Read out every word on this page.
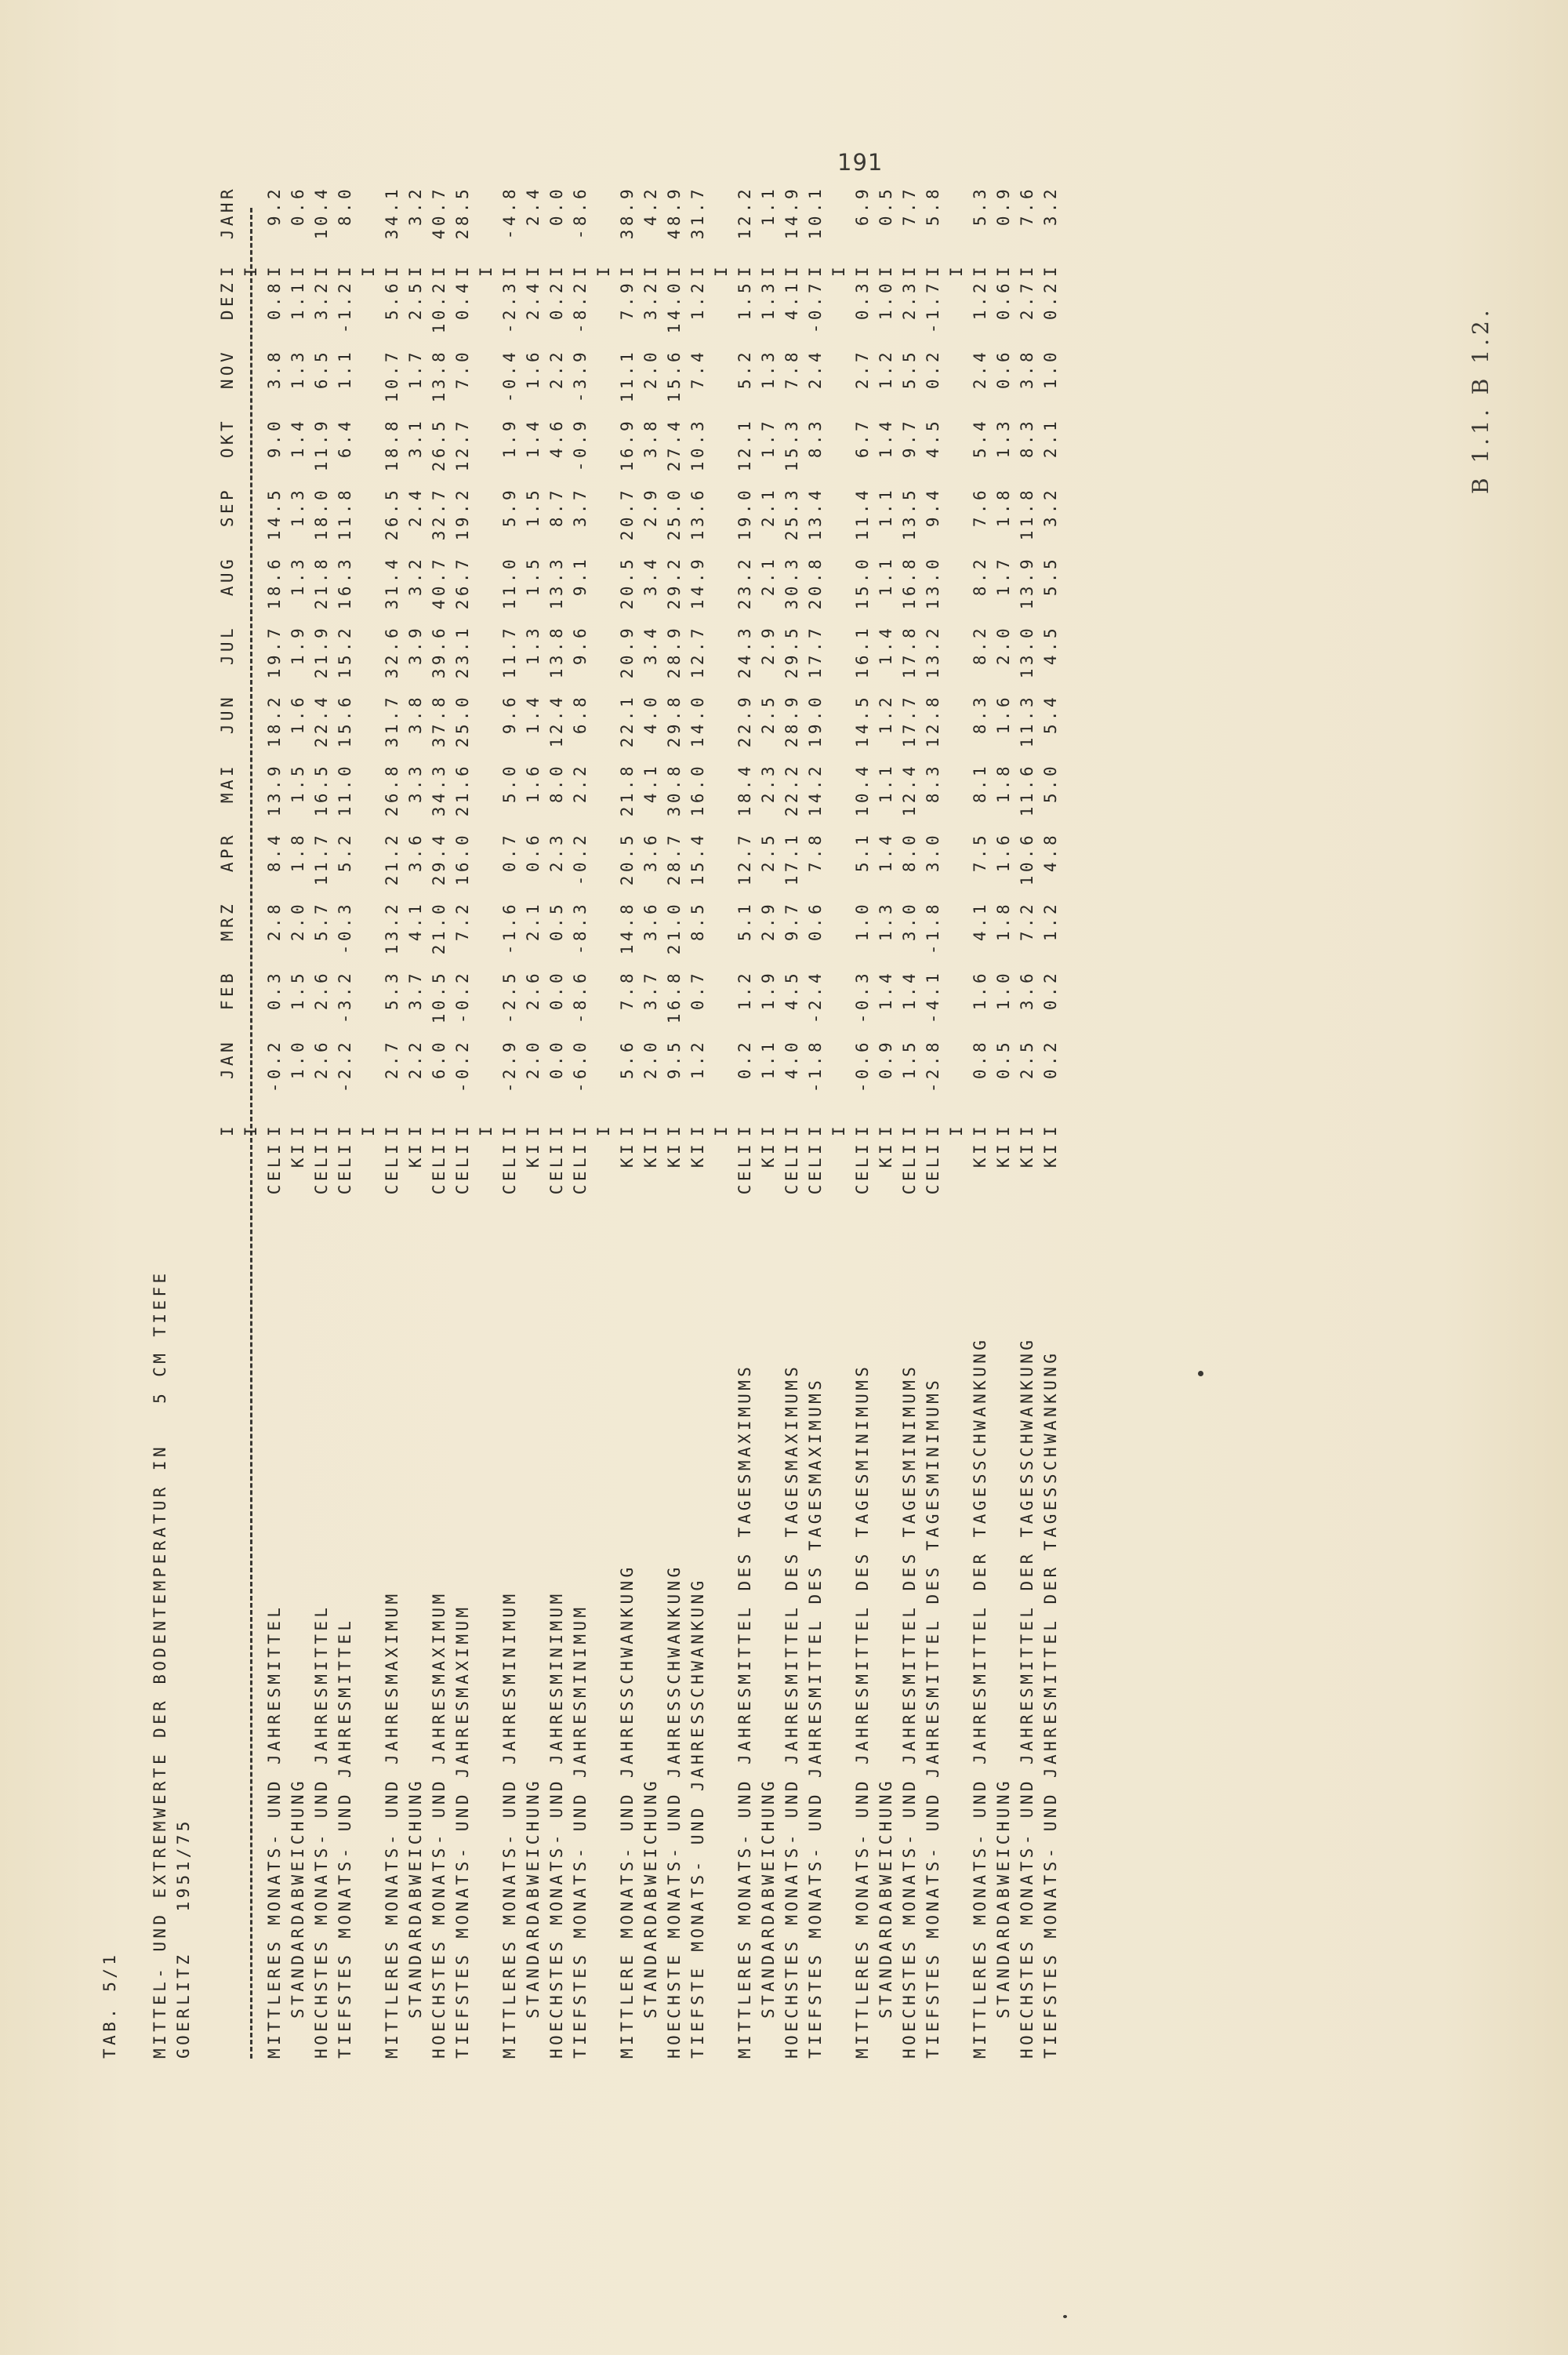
191
B 1.1. B 1.2.
TAB. 5/1 MITTEL- UND EXTREMWERTE DER BODENTEMPERATUR IN   5 CM TIEFE GOERLITZ   1951/75
I
JAN
FEB
MRZ
APR
MAI
JUN
JUL
AUG
SEP
OKT
NOV
DEZ
I
JAHR
I
I
MITTLERES MONATS- UND JAHRESMITTEL
CELI
I
-0.2
0.3
2.8
8.4
13.9
18.2
19.7
18.6
14.5
9.0
3.8
0.8
I
9.2
STANDARDABWEICHUNG
KI
I
1.0
1.5
2.0
1.8
1.5
1.6
1.9
1.3
1.3
1.4
1.3
1.1
I
0.6
HOECHSTES MONATS- UND JAHRESMITTEL
CELI
I
2.6
2.6
5.7
11.7
16.5
22.4
21.9
21.8
18.0
11.9
6.5
3.2
I
10.4
TIEFSTES MONATS- UND JAHRESMITTEL
CELI
I
-2.2
-3.2
-0.3
5.2
11.0
15.6
15.2
16.3
11.8
6.4
1.1
-1.2
I
8.0
I
I
MITTLERES MONATS- UND JAHRESMAXIMUM
CELI
I
2.7
5.3
13.2
21.2
26.8
31.7
32.6
31.4
26.5
18.8
10.7
5.6
I
34.1
STANDARDABWEICHUNG
KI
I
2.2
3.7
4.1
3.6
3.3
3.8
3.9
3.2
2.4
3.1
1.7
2.5
I
3.2
HOECHSTES MONATS- UND JAHRESMAXIMUM
CELI
I
6.0
10.5
21.0
29.4
34.3
37.8
39.6
40.7
32.7
26.5
13.8
10.2
I
40.7
TIEFSTES MONATS- UND JAHRESMAXIMUM
CELI
I
-0.2
-0.2
7.2
16.0
21.6
25.0
23.1
26.7
19.2
12.7
7.0
0.4
I
28.5
I
I
MITTLERES MONATS- UND JAHRESMINIMUM
CELI
I
-2.9
-2.5
-1.6
0.7
5.0
9.6
11.7
11.0
5.9
1.9
-0.4
-2.3
I
-4.8
STANDARDABWEICHUNG
KI
I
2.0
2.6
2.1
0.6
1.6
1.4
1.3
1.5
1.5
1.4
1.6
2.4
I
2.4
HOECHSTES MONATS- UND JAHRESMINIMUM
CELI
I
0.0
0.0
0.5
2.3
8.0
12.4
13.8
13.3
8.7
4.6
2.2
0.2
I
0.0
TIEFSTES MONATS- UND JAHRESMINIMUM
CELI
I
-6.0
-8.6
-8.3
-0.2
2.2
6.8
9.6
9.1
3.7
-0.9
-3.9
-8.2
I
-8.6
I
I
MITTLERE MONATS- UND JAHRESSCHWANKUNG
KI
I
5.6
7.8
14.8
20.5
21.8
22.1
20.9
20.5
20.7
16.9
11.1
7.9
I
38.9
STANDARDABWEICHUNG
KI
I
2.0
3.7
3.6
3.6
4.1
4.0
3.4
3.4
2.9
3.8
2.0
3.2
I
4.2
HOECHSTE MONATS- UND JAHRESSCHWANKUNG
KI
I
9.5
16.8
21.0
28.7
30.8
29.8
28.9
29.2
25.0
27.4
15.6
14.0
I
48.9
TIEFSTE MONATS- UND JAHRESSCHWANKUNG
KI
I
1.2
0.7
8.5
15.4
16.0
14.0
12.7
14.9
13.6
10.3
7.4
1.2
I
31.7
I
I
MITTLERES MONATS- UND JAHRESMITTEL DES TAGESMAXIMUMS
CELI
I
0.2
1.2
5.1
12.7
18.4
22.9
24.3
23.2
19.0
12.1
5.2
1.5
I
12.2
STANDARDABWEICHUNG
KI
I
1.1
1.9
2.9
2.5
2.3
2.5
2.9
2.1
2.1
1.7
1.3
1.3
I
1.1
HOECHSTES MONATS- UND JAHRESMITTEL DES TAGESMAXIMUMS
CELI
I
4.0
4.5
9.7
17.1
22.2
28.9
29.5
30.3
25.3
15.3
7.8
4.1
I
14.9
TIEFSTES MONATS- UND JAHRESMITTEL DES TAGESMAXIMUMS
CELI
I
-1.8
-2.4
0.6
7.8
14.2
19.0
17.7
20.8
13.4
8.3
2.4
-0.7
I
10.1
I
I
MITTLERES MONATS- UND JAHRESMITTEL DES TAGESMINIMUMS
CELI
I
-0.6
-0.3
1.0
5.1
10.4
14.5
16.1
15.0
11.4
6.7
2.7
0.3
I
6.9
STANDARDABWEICHUNG
KI
I
0.9
1.4
1.3
1.4
1.1
1.2
1.4
1.1
1.1
1.4
1.2
1.0
I
0.5
HOECHSTES MONATS- UND JAHRESMITTEL DES TAGESMINIMUMS
CELI
I
1.5
1.4
3.0
8.0
12.4
17.7
17.8
16.8
13.5
9.7
5.5
2.3
I
7.7
TIEFSTES MONATS- UND JAHRESMITTEL DES TAGESMINIMUMS
CELI
I
-2.8
-4.1
-1.8
3.0
8.3
12.8
13.2
13.0
9.4
4.5
0.2
-1.7
I
5.8
I
I
MITTLERES MONATS- UND JAHRESMITTEL DER TAGESSCHWANKUNG
KI
I
0.8
1.6
4.1
7.5
8.1
8.3
8.2
8.2
7.6
5.4
2.4
1.2
I
5.3
STANDARDABWEICHUNG
KI
I
0.5
1.0
1.8
1.6
1.8
1.6
2.0
1.7
1.8
1.3
0.6
0.6
I
0.9
HOECHSTES MONATS- UND JAHRESMITTEL DER TAGESSCHWANKUNG
KI
I
2.5
3.6
7.2
10.6
11.6
11.3
13.0
13.9
11.8
8.3
3.8
2.7
I
7.6
TIEFSTES MONATS- UND JAHRESMITTEL DER TAGESSCHWANKUNG
KI
I
0.2
0.2
1.2
4.8
5.0
5.4
4.5
5.5
3.2
2.1
1.0
0.2
I
3.2
